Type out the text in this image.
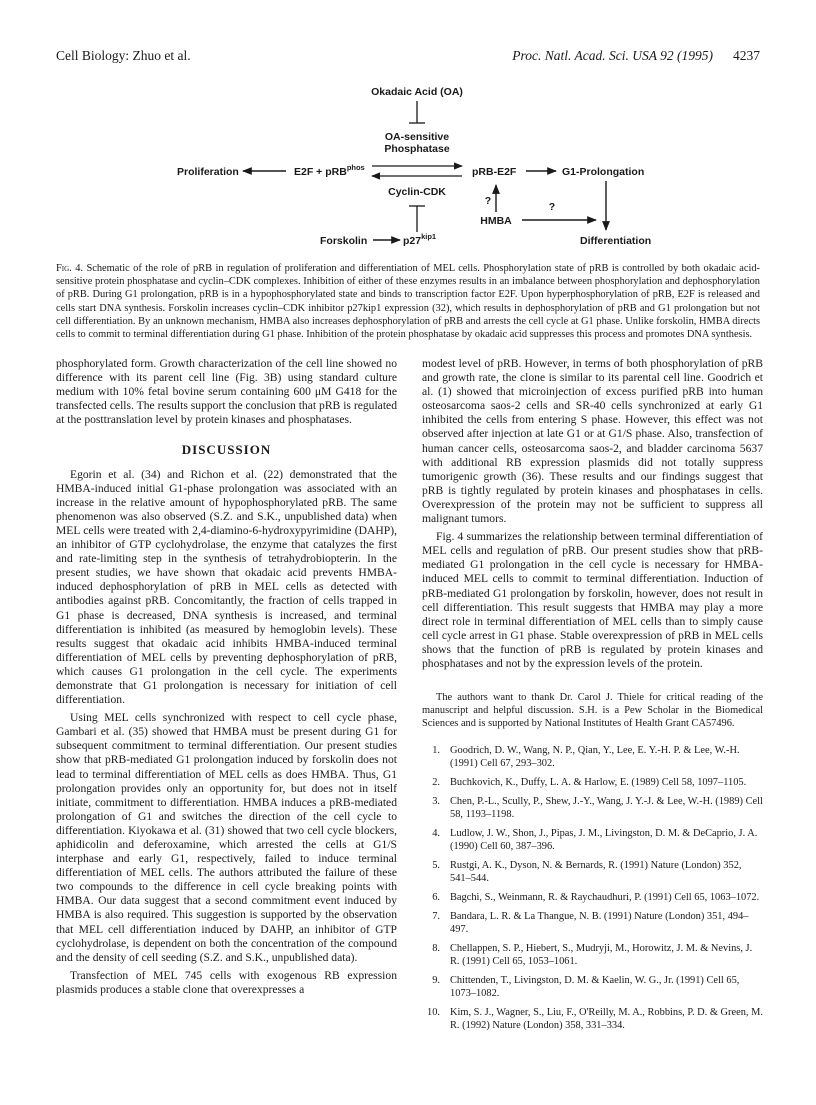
Cell Biology: Zhuo et al.	Proc. Natl. Acad. Sci. USA 92 (1995) 4237
Okadaic Acid (OA)
OA-sensitive
Phosphatase
Proliferation	E2F + pRB$^{phos}$	pRB-E2F	G1-Prolongation
Cyclin-CDK
?
HMBA
?
Forskolin	$p27^{kip1}$	Differentiation

Fig. 4. Schematic of the role of pRB in regulation of proliferation and differentiation of MEL cells. Phosphorylation state of pRB is controlled by both okadaic acid-sensitive protein phosphatase and cyclin–CDK complexes. Inhibition of either of these enzymes results in an imbalance between phosphorylation and dephosphorylation of pRB. During G1 prolongation, pRB is in a hypophosphorylated state and binds to transcription factor E2F. Upon hyperphosphorylation of pRB, E2F is released and cells start DNA synthesis. Forskolin increases cyclin–CDK inhibitor p27kip1 expression (32), which results in dephosphorylation of pRB and G1 prolongation but not cell differentiation. By an unknown mechanism, HMBA also increases dephosphorylation of pRB and arrests the cell cycle at G1 phase. Unlike forskolin, HMBA directs cells to commit to terminal differentiation during G1 phase. Inhibition of the protein phosphatase by okadaic acid suppresses this process and promotes DNA synthesis.

phosphorylated form. Growth characterization of the cell line showed no difference with its parent cell line (Fig. 3B) using standard culture medium with 10% fetal bovine serum containing 600 μM G418 for the transfected cells. The results support the conclusion that pRB is regulated at the posttranslation level by protein kinases and phosphatases.

DISCUSSION

Egorin et al. (34) and Richon et al. (22) demonstrated that the HMBA-induced initial G1-phase prolongation was associated with an increase in the relative amount of hypophosphorylated pRB. The same phenomenon was also observed (S.Z. and S.K., unpublished data) when MEL cells were treated with 2,4-diamino-6-hydroxypyrimidine (DAHP), an inhibitor of GTP cyclohydrolase, the enzyme that catalyzes the first and rate-limiting step in the synthesis of tetrahydrobiopterin. In the present studies, we have shown that okadaic acid prevents HMBA-induced dephosphorylation of pRB in MEL cells as detected with antibodies against pRB. Concomitantly, the fraction of cells trapped in G1 phase is decreased, DNA synthesis is increased, and terminal differentiation is inhibited (as measured by hemoglobin levels). These results suggest that okadaic acid inhibits HMBA-induced terminal differentiation of MEL cells by preventing dephosphorylation of pRB, which causes G1 prolongation in the cell cycle. The experiments demonstrate that G1 prolongation is necessary for initiation of cell differentiation.

Using MEL cells synchronized with respect to cell cycle phase, Gambari et al. (35) showed that HMBA must be present during G1 for subsequent commitment to terminal differentiation. Our present studies show that pRB-mediated G1 prolongation induced by forskolin does not lead to terminal differentiation of MEL cells as does HMBA. Thus, G1 prolongation provides only an opportunity for, but does not in itself initiate, commitment to differentiation. HMBA induces a pRB-mediated prolongation of G1 and switches the direction of the cell cycle to differentiation. Kiyokawa et al. (31) showed that two cell cycle blockers, aphidicolin and deferoxamine, which arrested the cells at G1/S interphase and early G1, respectively, failed to induce terminal differentiation of MEL cells. The authors attributed the failure of these two compounds to the difference in cell cycle breaking points with HMBA. Our data suggest that a second commitment event induced by HMBA is also required. This suggestion is supported by the observation that MEL cell differentiation induced by DAHP, an inhibitor of GTP cyclohydrolase, is dependent on both the concentration of the compound and the density of cell seeding (S.Z. and S.K., unpublished data).

Transfection of MEL 745 cells with exogenous RB expression plasmids produces a stable clone that overexpresses a

modest level of pRB. However, in terms of both phosphorylation of pRB and growth rate, the clone is similar to its parental cell line. Goodrich et al. (1) showed that microinjection of excess purified pRB into human osteosarcoma saos-2 cells and SR-40 cells synchronized at early G1 inhibited the cells from entering S phase. However, this effect was not observed after injection at late G1 or at G1/S phase. Also, transfection of human cancer cells, osteosarcoma saos-2, and bladder carcinoma 5637 with additional RB expression plasmids did not totally suppress tumorigenic growth (36). These results and our findings suggest that pRB is tightly regulated by protein kinases and phosphatases in cells. Overexpression of the protein may not be sufficient to suppress all malignant tumors.

Fig. 4 summarizes the relationship between terminal differentiation of MEL cells and regulation of pRB. Our present studies show that pRB-mediated G1 prolongation in the cell cycle is necessary for HMBA-induced MEL cells to commit to terminal differentiation. Induction of pRB-mediated G1 prolongation by forskolin, however, does not result in cell differentiation. This result suggests that HMBA may play a more direct role in terminal differentiation of MEL cells than to simply cause cell cycle arrest in G1 phase. Stable overexpression of pRB in MEL cells shows that the function of pRB is regulated by protein kinases and phosphatases and not by the expression levels of the protein.

The authors want to thank Dr. Carol J. Thiele for critical reading of the manuscript and helpful discussion. S.H. is a Pew Scholar in the Biomedical Sciences and is supported by National Institutes of Health Grant CA57496.

1. Goodrich, D. W., Wang, N. P., Qian, Y., Lee, E. Y.-H. P. & Lee, W.-H. (1991) Cell 67, 293–302.
2. Buchkovich, K., Duffy, L. A. & Harlow, E. (1989) Cell 58, 1097–1105.
3. Chen, P.-L., Scully, P., Shew, J.-Y., Wang, J. Y.-J. & Lee, W.-H. (1989) Cell 58, 1193–1198.
4. Ludlow, J. W., Shon, J., Pipas, J. M., Livingston, D. M. & DeCaprio, J. A. (1990) Cell 60, 387–396.
5. Rustgi, A. K., Dyson, N. & Bernards, R. (1991) Nature (London) 352, 541–544.
6. Bagchi, S., Weinmann, R. & Raychaudhuri, P. (1991) Cell 65, 1063–1072.
7. Bandara, L. R. & La Thangue, N. B. (1991) Nature (London) 351, 494–497.
8. Chellappen, S. P., Hiebert, S., Mudryji, M., Horowitz, J. M. & Nevins, J. R. (1991) Cell 65, 1053–1061.
9. Chittenden, T., Livingston, D. M. & Kaelin, W. G., Jr. (1991) Cell 65, 1073–1082.
10. Kim, S. J., Wagner, S., Liu, F., O'Reilly, M. A., Robbins, P. D. & Green, M. R. (1992) Nature (London) 358, 331–334.
